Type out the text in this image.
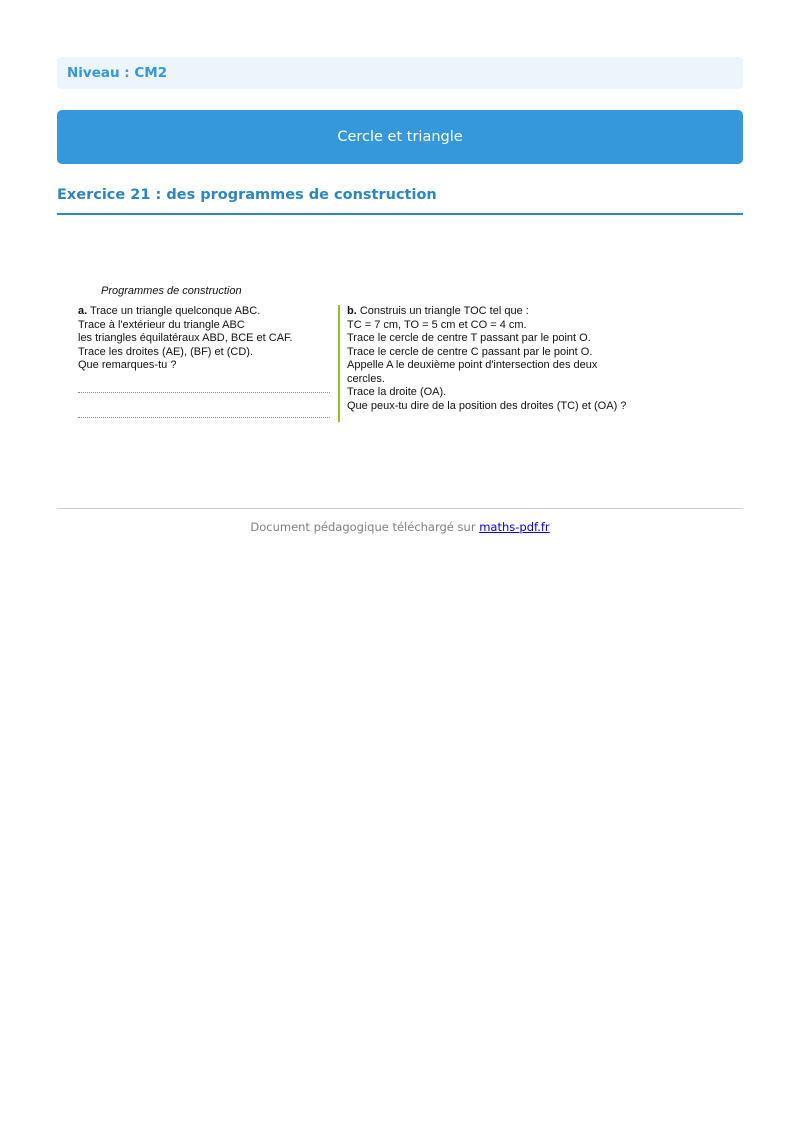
Niveau : CM2
Cercle et triangle
Exercice 21 : des programmes de construction
Programmes de construction
a. Trace un triangle quelconque ABC.
Trace à l'extérieur du triangle ABC
les triangles équilatéraux ABD, BCE et CAF.
Trace les droites (AE), (BF) et (CD).
Que remarques-tu ?
b. Construis un triangle TOC tel que :
TC = 7 cm, TO = 5 cm et CO = 4 cm.
Trace le cercle de centre T passant par le point O.
Trace le cercle de centre C passant par le point O.
Appelle A le deuxième point d'intersection des deux
cercles.
Trace la droite (OA).
Que peux-tu dire de la position des droites (TC) et (OA) ?
Document pédagogique téléchargé sur maths-pdf.fr
